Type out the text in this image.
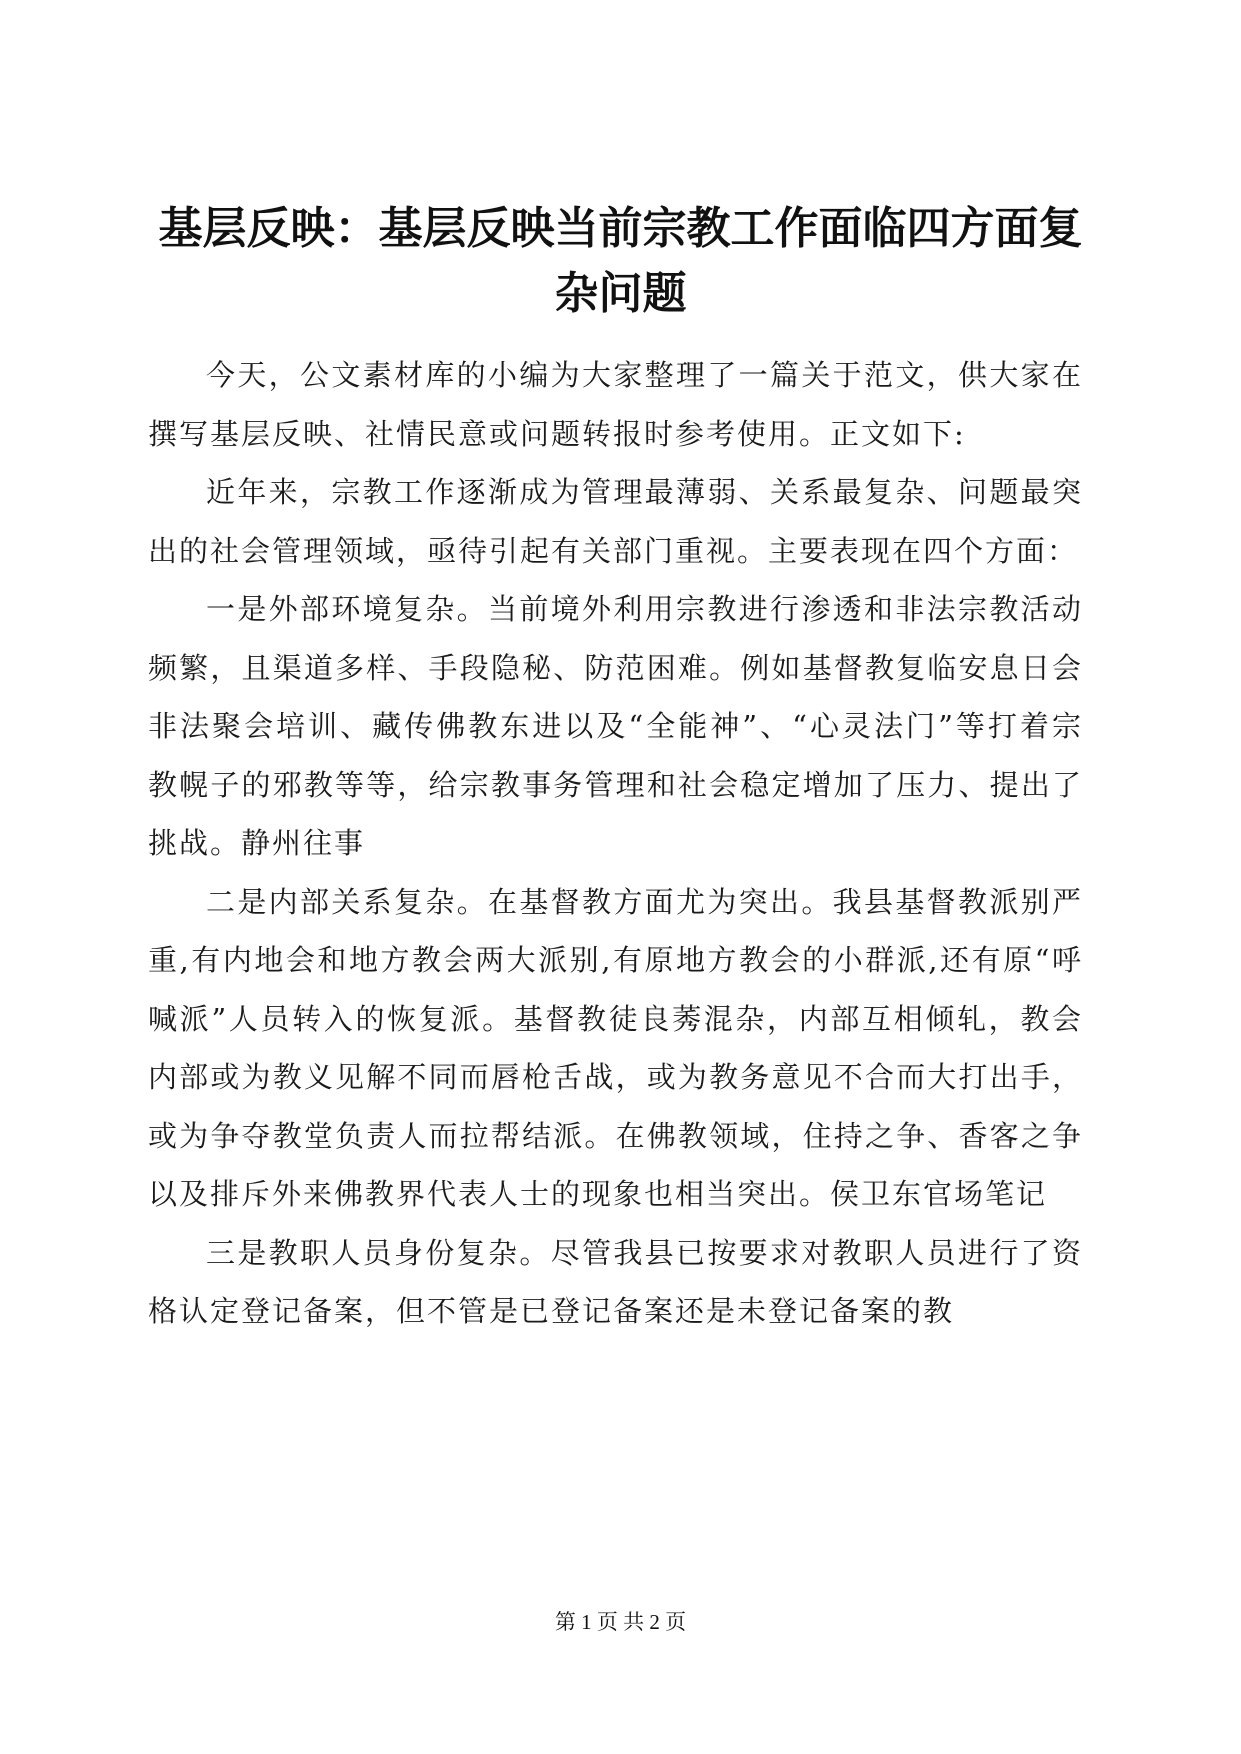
基层反映：基层反映当前宗教工作面临四方面复杂问题

今天，公文素材库的小编为大家整理了一篇关于范文，供大家在撰写基层反映、社情民意或问题转报时参考使用。正文如下:

近年来，宗教工作逐渐成为管理最薄弱、关系最复杂、问题最突出的社会管理领域，亟待引起有关部门重视。主要表现在四个方面：

一是外部环境复杂。当前境外利用宗教进行渗透和非法宗教活动频繁，且渠道多样、手段隐秘、防范困难。例如基督教复临安息日会非法聚会培训、藏传佛教东进以及“全能神”、“心灵法门”等打着宗教幌子的邪教等等，给宗教事务管理和社会稳定增加了压力、提出了挑战。静州往事

二是内部关系复杂。在基督教方面尤为突出。我县基督教派别严重,有内地会和地方教会两大派别,有原地方教会的小群派,还有原“呼喊派”人员转入的恢复派。基督教徒良莠混杂，内部互相倾轧，教会内部或为教义见解不同而唇枪舌战，或为教务意见不合而大打出手，或为争夺教堂负责人而拉帮结派。在佛教领域，住持之争、香客之争以及排斥外来佛教界代表人士的现象也相当突出。侯卫东官场笔记

三是教职人员身份复杂。尽管我县已按要求对教职人员进行了资格认定登记备案，但不管是已登记备案还是未登记备案的教

第 1 页 共 2 页
